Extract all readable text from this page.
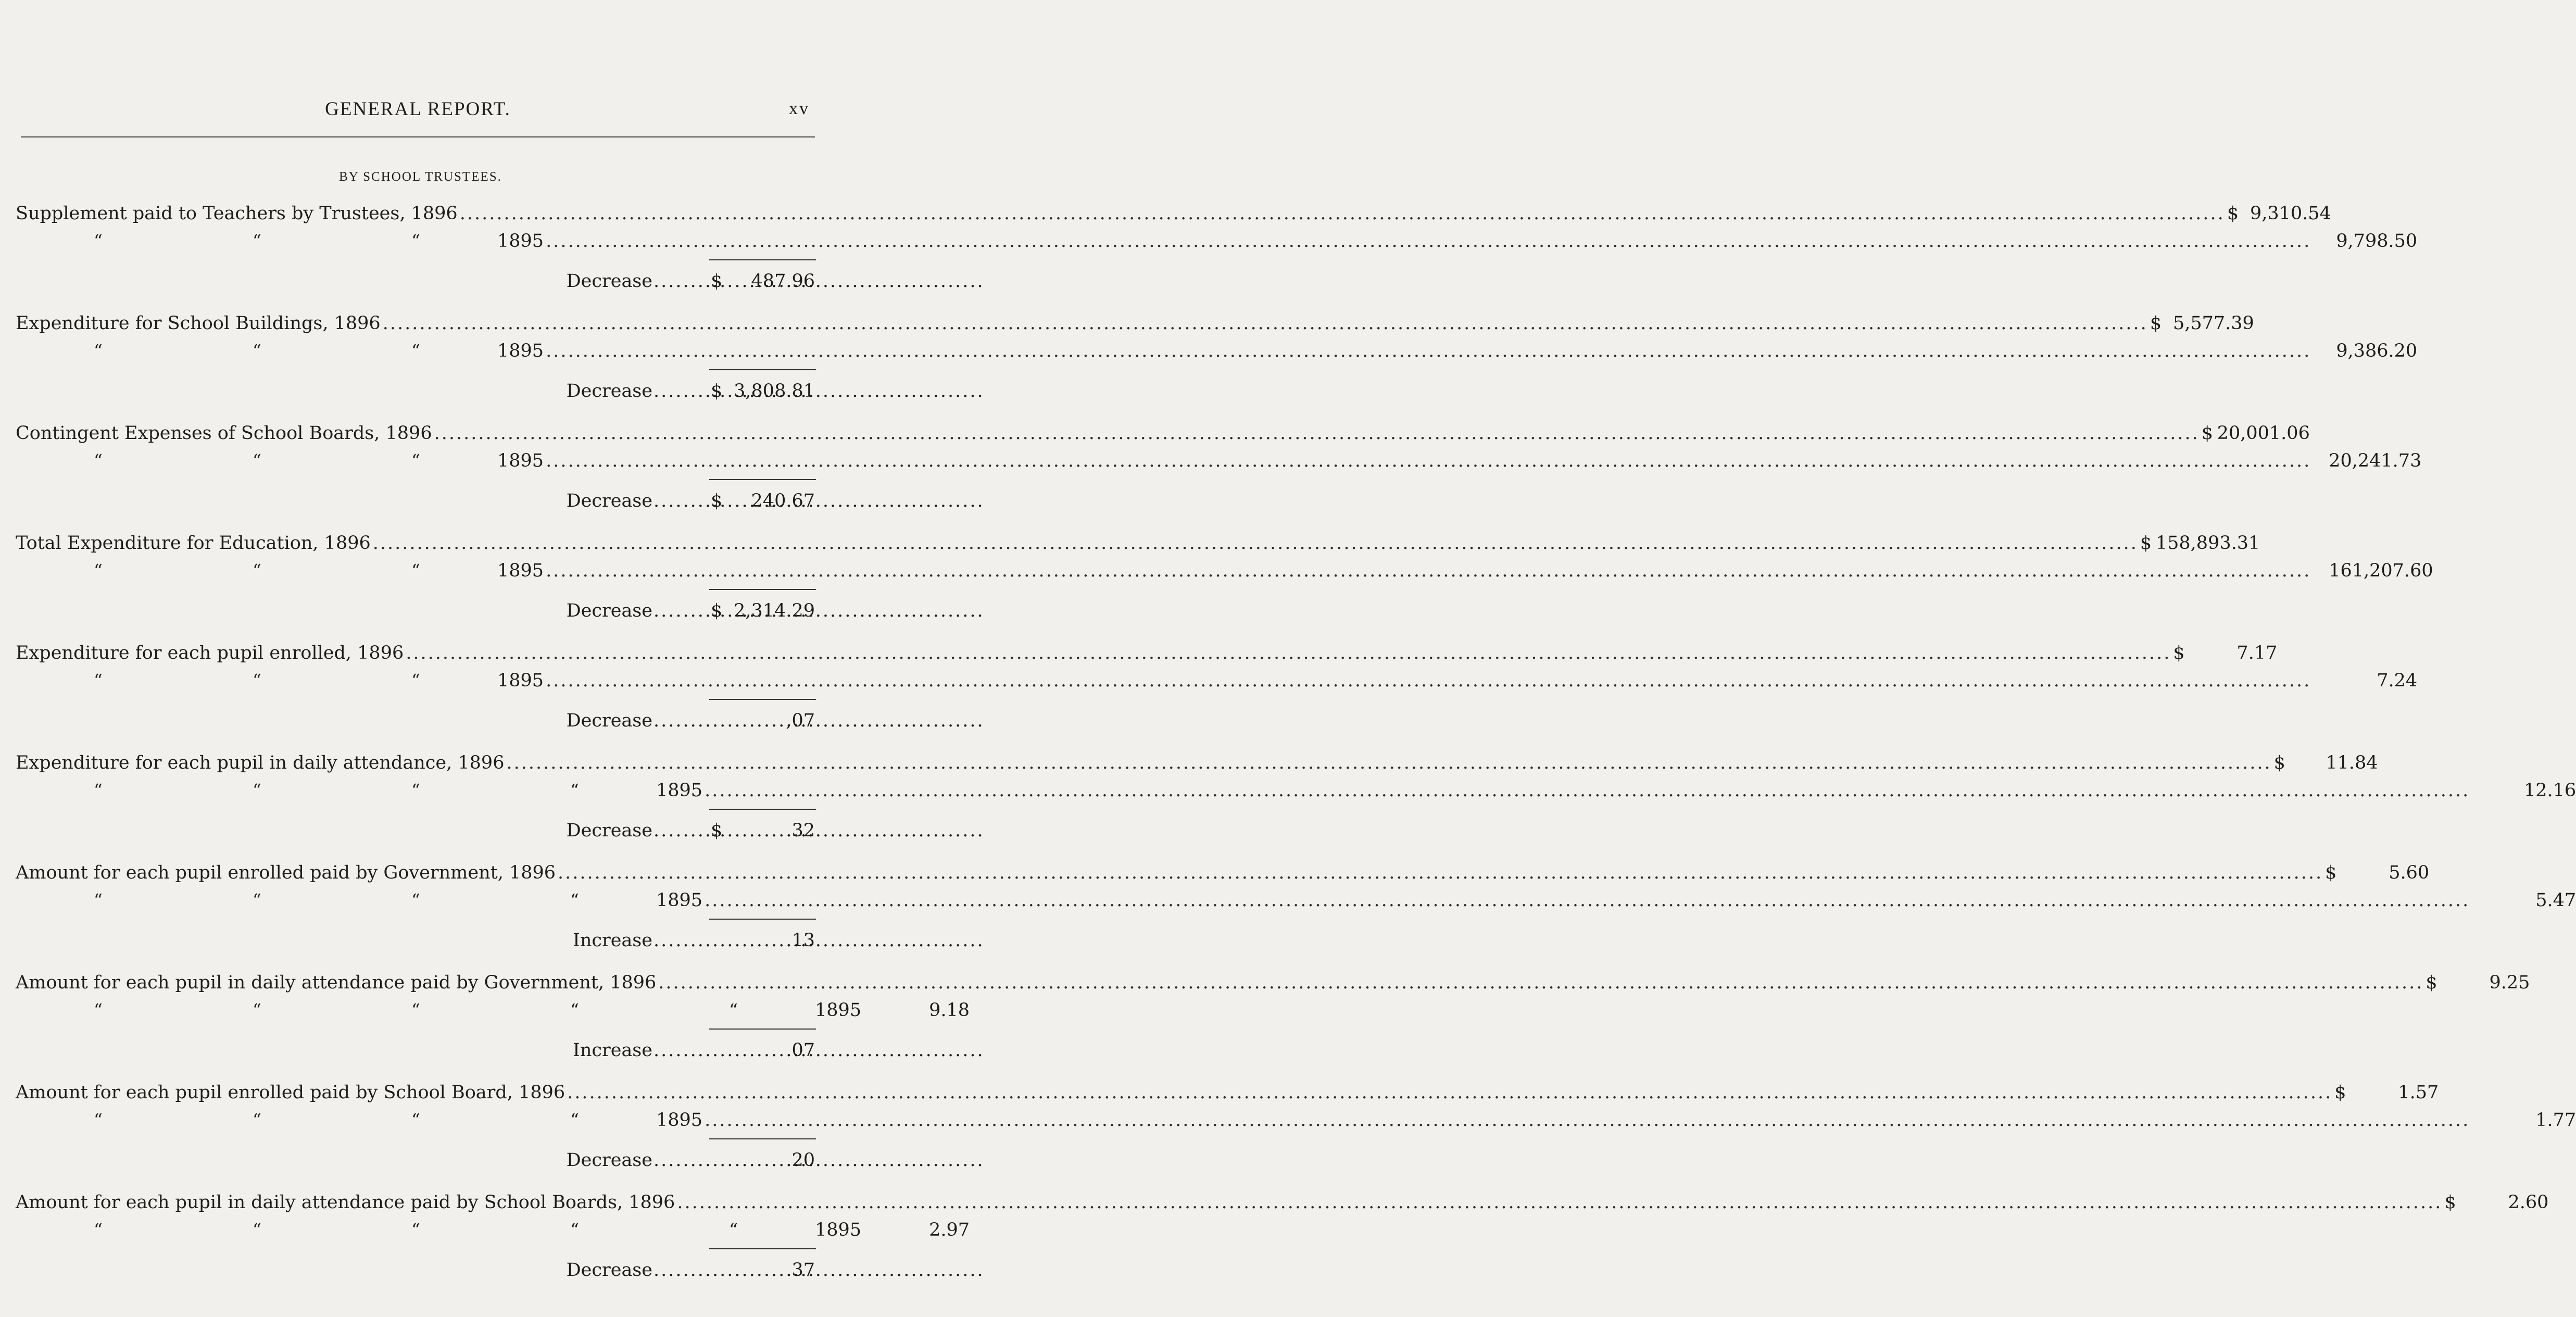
GENERAL REPORT.	xv
BY SCHOOL TRUSTEES.
Supplement paid to Teachers by Trustees,
1896 .....	$ 9,310.54
“	“	“	1895 .....	9,798.50
Decrease .....	$	487.96
Expenditure for School Buildings,
1896 .....	$ 5,577.39
“	“	“	1895 .....	9,386.20
Decrease .....	$ 3,808.81
Contingent Expenses of School Boards,
1896 .....	$ 20,001.06
“	“	“	1895 .....	20,241.73
Decrease .....	$	240.67
Total Expenditure for Education,
1896 .....	$ 158,893.31
“	“	“	1895 .....	161,207.60
Decrease .....	$ 2,314.29
Expenditure for each pupil enrolled,
1896 .....	$	7.17
“	“	“	1895 .....	7.24
Decrease .....	,07
Expenditure for each pupil in daily attendance,
1896 .....	$	11.84
“	“	“	“	1895 .....	12.16
Decrease .....	$	.32
Amount for each pupil enrolled paid by Government,
1896 .....	$	5.60
“	“	“	“	1895 .....	5.47
Increase .....	.13
Amount for each pupil in daily attendance paid by Government,
1896 .....	$	9.25
“	“	“	“	“	1895	9.18
Increase .....	.07
Amount for each pupil enrolled paid by School Board,
1896 .....	$	1.57
“	“	“	“	1895 .....	1.77
Decrease .....	.20
Amount for each pupil in daily attendance paid by School Boards,
1896 .....	$	2.60
“	“	“	“	“	1895	2.97
Decrease .....	.37
